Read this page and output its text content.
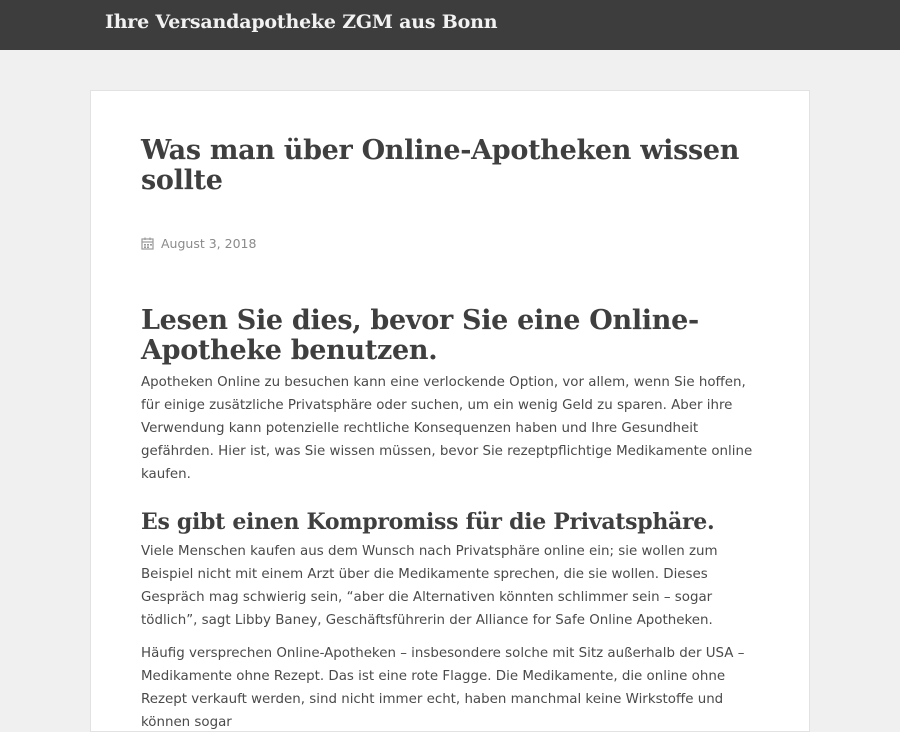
Ihre Versandapotheke ZGM aus Bonn
Was man über Online-Apotheken wissen sollte
August 3, 2018
Lesen Sie dies, bevor Sie eine Online-Apotheke benutzen.

Apotheken Online zu besuchen kann eine verlockende Option, vor allem, wenn Sie hoffen, für einige zusätzliche Privatsphäre oder suchen, um ein wenig Geld zu sparen. Aber ihre Verwendung kann potenzielle rechtliche Konsequenzen haben und Ihre Gesundheit gefährden. Hier ist, was Sie wissen müssen, bevor Sie rezeptpflichtige Medikamente online kaufen.

Es gibt einen Kompromiss für die Privatsphäre.

Viele Menschen kaufen aus dem Wunsch nach Privatsphäre online ein; sie wollen zum Beispiel nicht mit einem Arzt über die Medikamente sprechen, die sie wollen. Dieses Gespräch mag schwierig sein, “aber die Alternativen könnten schlimmer sein – sogar tödlich”, sagt Libby Baney, Geschäftsführerin der Alliance for Safe Online Apotheken.

Häufig versprechen Online-Apotheken – insbesondere solche mit Sitz außerhalb der USA – Medikamente ohne Rezept. Das ist eine rote Flagge. Die Medikamente, die online ohne Rezept verkauft werden, sind nicht immer echt, haben manchmal keine Wirkstoffe und können sogar
